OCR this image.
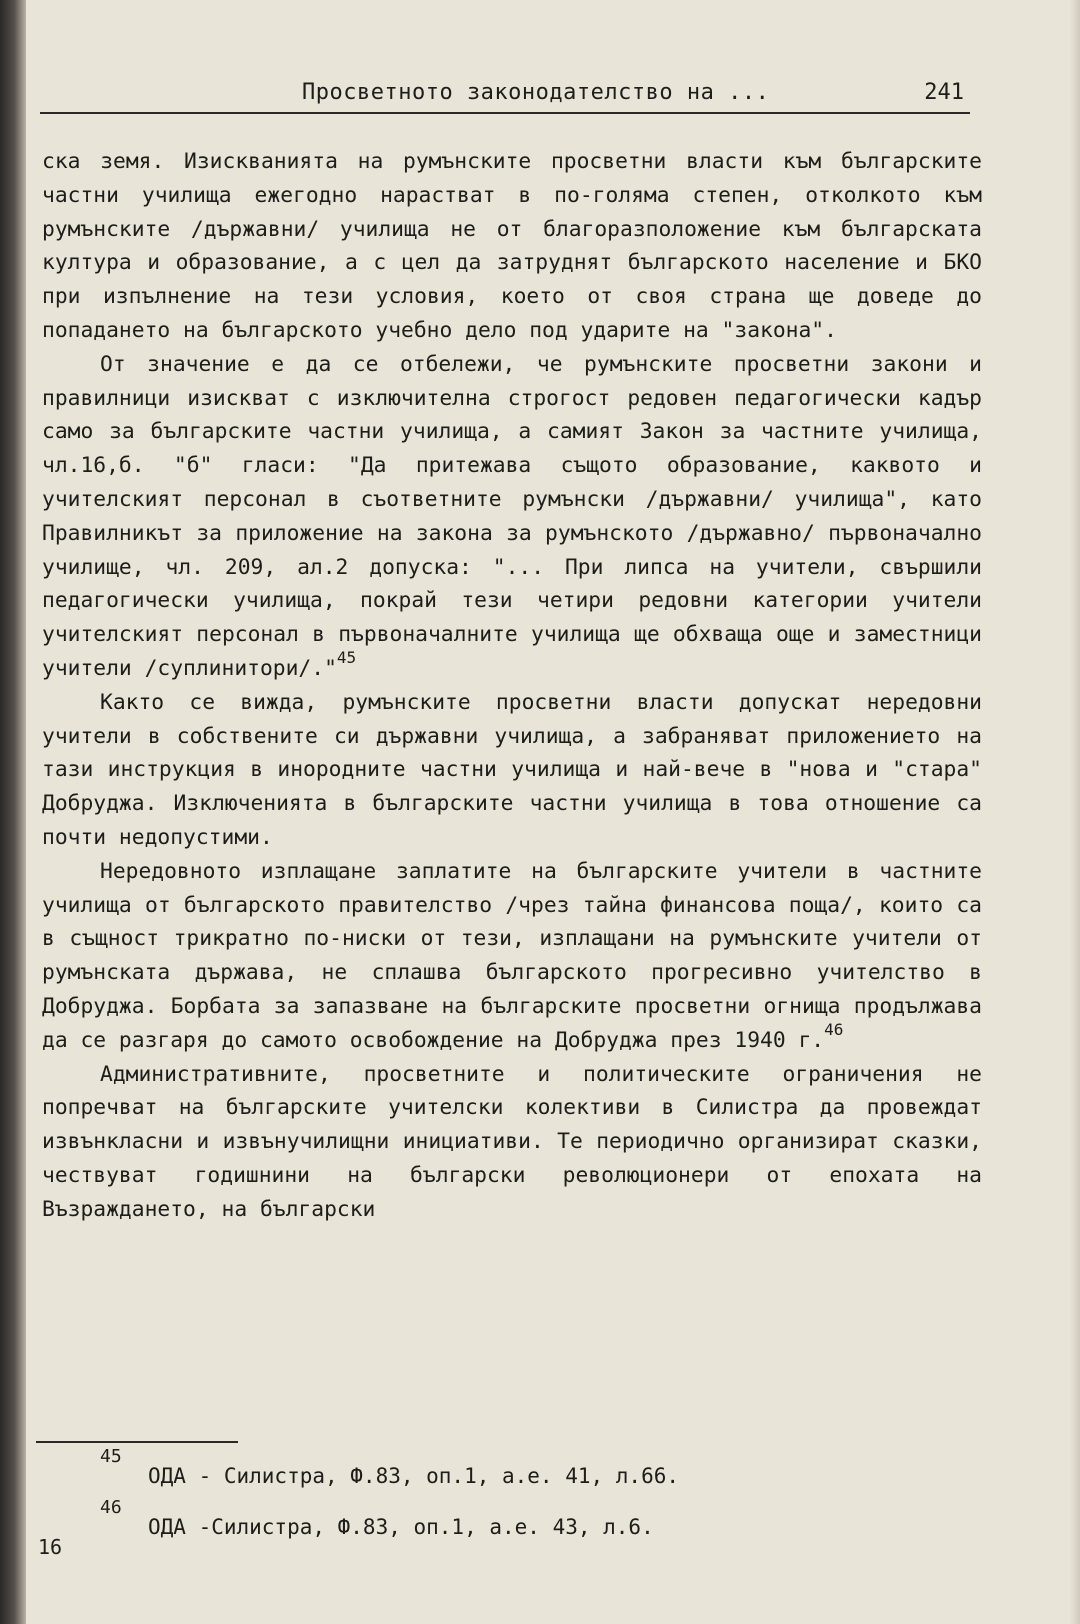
Просветното законодателство на ...	241

ска земя. Изискванията на румънските просветни власти към българските частни училища ежегодно нарастват в по-голяма степен, отколкото към румънските /държавни/ училища не от благоразположение към българската култура и образование, а с цел да затруднят българското население и БКО при изпълнение на тези условия, което от своя страна ще доведе до попадането на българското учебно дело под ударите на "закона".

От значение е да се отбележи, че румънските просветни закони и правилници изискват с изключителна строгост редовен педагогически кадър само за българските частни училища, а самият Закон за частните училища, чл.16,б. "б" гласи: "Да притежава същото образование, каквото и учителският персонал в съответните румънски /държавни/ училища", като Правилникът за приложение на закона за румънското /държавно/ първоначално училище, чл. 209, ал.2 допуска: "... При липса на учители, свършили педагогически училища, покрай тези четири редовни категории учители учителският персонал в първоначалните училища ще обхваща още и заместници учители /суплинитори/."$^{45}$

Както се вижда, румънските просветни власти допускат нередовни учители в собствените си държавни училища, а забраняват приложението на тази инструкция в инородните частни училища и най-вече в "нова и "стара" Добруджа. Изключенията в българските частни училища в това отношение са почти недопустими.

Нередовното изплащане заплатите на българските учители в частните училища от българското правителство /чрез тайна финансова поща/, които са в същност трикратно по-ниски от тези, изплащани на румънските учители от румънската държава, не сплашва българското прогресивно учителство в Добруджа. Борбата за запазване на българските просветни огнища продължава да се разгаря до самото освобождение на Добруджа през 1940 г.$^{46}$

Административните, просветните и политическите ограничения не попречват на българските учителски колективи в Силистра да провеждат извънкласни и извънучилищни инициативи. Те периодично организират сказки, чествуват годишнини на български революционери от епохата на Възраждането, на български

45
ОДА - Силистра, Ф.83, оп.1, а.е. 41, л.66.
46
ОДА -Силистра, Ф.83, оп.1, а.е. 43, л.6.
16
